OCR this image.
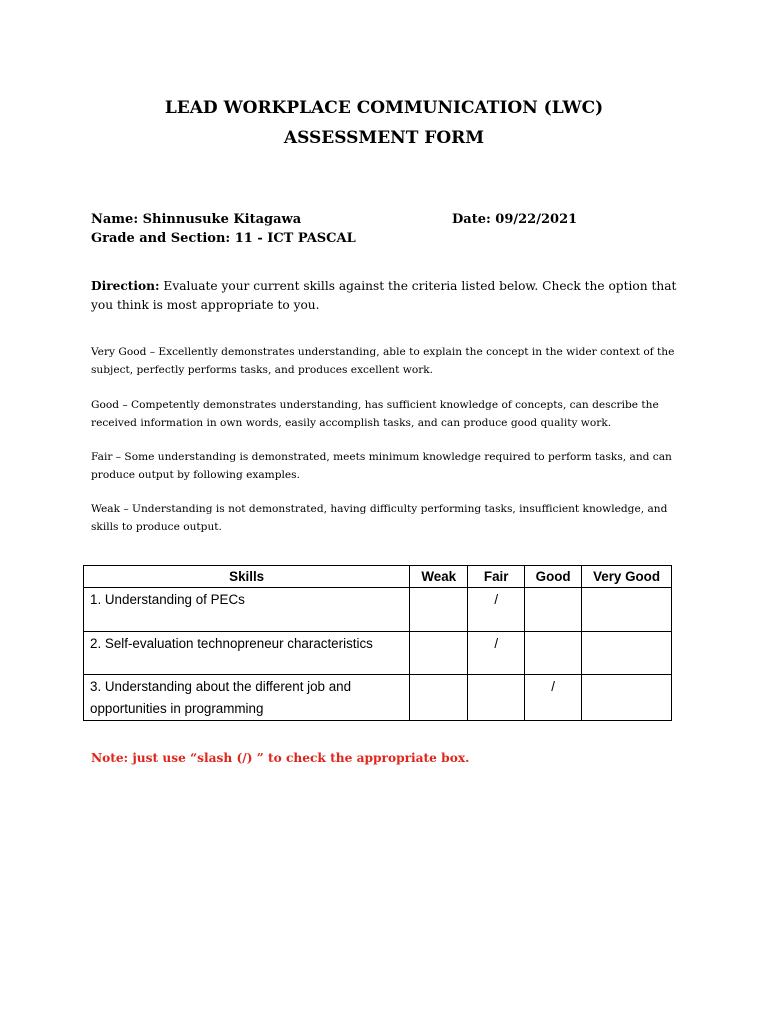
LEAD WORKPLACE COMMUNICATION (LWC)
ASSESSMENT FORM
Name: Shinnusuke Kitagawa	Date: 09/22/2021
Grade and Section: 11 - ICT PASCAL
Direction: Evaluate your current skills against the criteria listed below. Check the option that you think is most appropriate to you.
Very Good – Excellently demonstrates understanding, able to explain the concept in the wider context of the subject, perfectly performs tasks, and produces excellent work.
Good – Competently demonstrates understanding, has sufficient knowledge of concepts, can describe the received information in own words, easily accomplish tasks, and can produce good quality work.
Fair – Some understanding is demonstrated, meets minimum knowledge required to perform tasks, and can produce output by following examples.
Weak – Understanding is not demonstrated, having difficulty performing tasks, insufficient knowledge, and skills to produce output.
Skills	Weak	Fair	Good	Very Good
1. Understanding of PECs		/		
2. Self-evaluation technopreneur characteristics		/		
3. Understanding about the different job and opportunities in programming			/	
Note: just use “slash (/) ” to check the appropriate box.
